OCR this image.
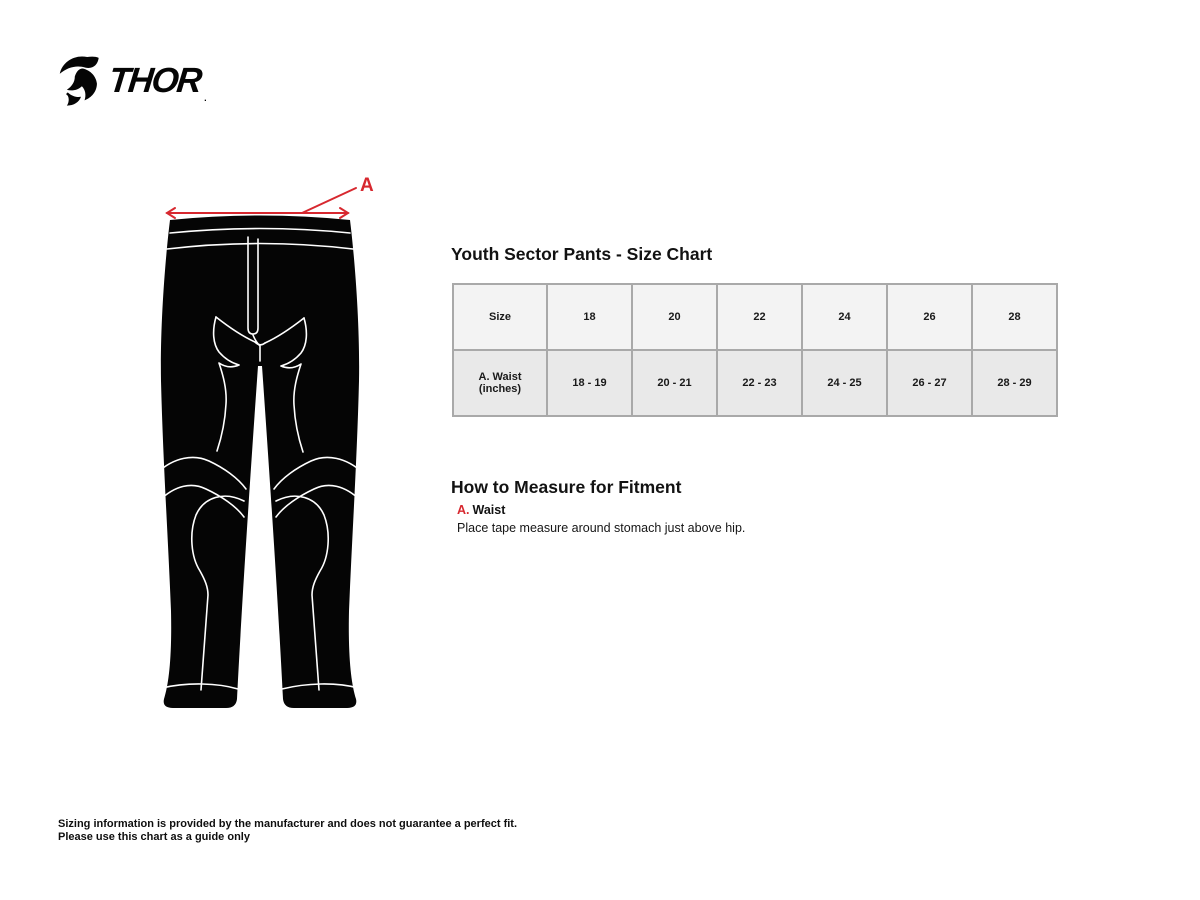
THOR .
A
Youth Sector Pants - Size Chart
Size	18	20	22	24	26	28
A. Waist (inches)	18 - 19	20 - 21	22 - 23	24 - 25	26 - 27	28 - 29
How to Measure for Fitment
A. Waist
Place tape measure around stomach just above hip.
Sizing information is provided by the manufacturer and does not guarantee a perfect fit.
Please use this chart as a guide only
